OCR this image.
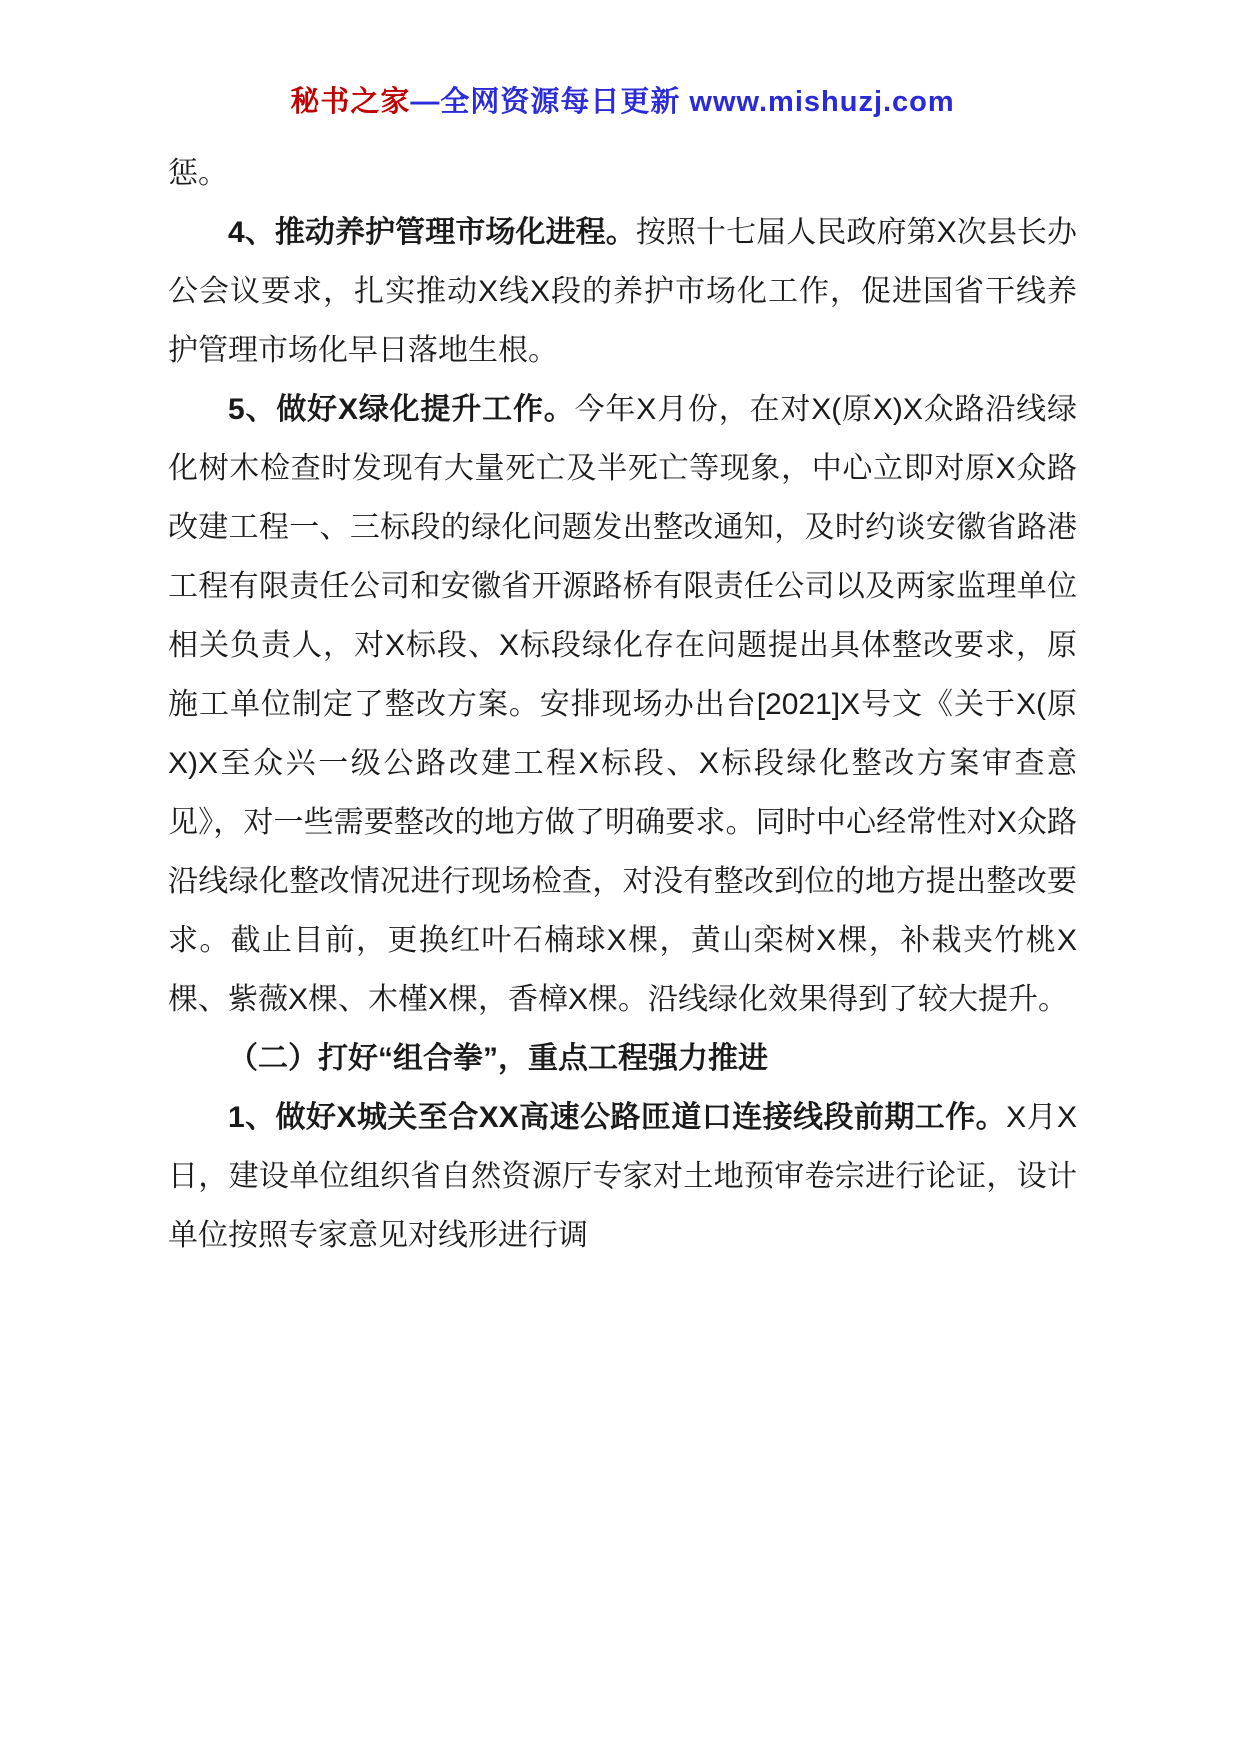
秘书之家—全网资源每日更新 www.mishuzj.com

惩。

4、推动养护管理市场化进程。按照十七届人民政府第X次县长办公会议要求，扎实推动X线X段的养护市场化工作，促进国省干线养护管理市场化早日落地生根。

5、做好X绿化提升工作。今年X月份，在对X(原X)X众路沿线绿化树木检查时发现有大量死亡及半死亡等现象，中心立即对原X众路改建工程一、三标段的绿化问题发出整改通知，及时约谈安徽省路港工程有限责任公司和安徽省开源路桥有限责任公司以及两家监理单位相关负责人，对X标段、X标段绿化存在问题提出具体整改要求，原施工单位制定了整改方案。安排现场办出台[2021]X号文《关于X(原X)X至众兴一级公路改建工程X标段、X标段绿化整改方案审查意见》，对一些需要整改的地方做了明确要求。同时中心经常性对X众路沿线绿化整改情况进行现场检查，对没有整改到位的地方提出整改要求。截止目前，更换红叶石楠球X棵，黄山栾树X棵，补栽夹竹桃X棵、紫薇X棵、木槿X棵，香樟X棵。沿线绿化效果得到了较大提升。

（二）打好“组合拳”，重点工程强力推进

1、做好X城关至合XX高速公路匝道口连接线段前期工作。X月X日，建设单位组织省自然资源厅专家对土地预审卷宗进行论证，设计单位按照专家意见对线形进行调
